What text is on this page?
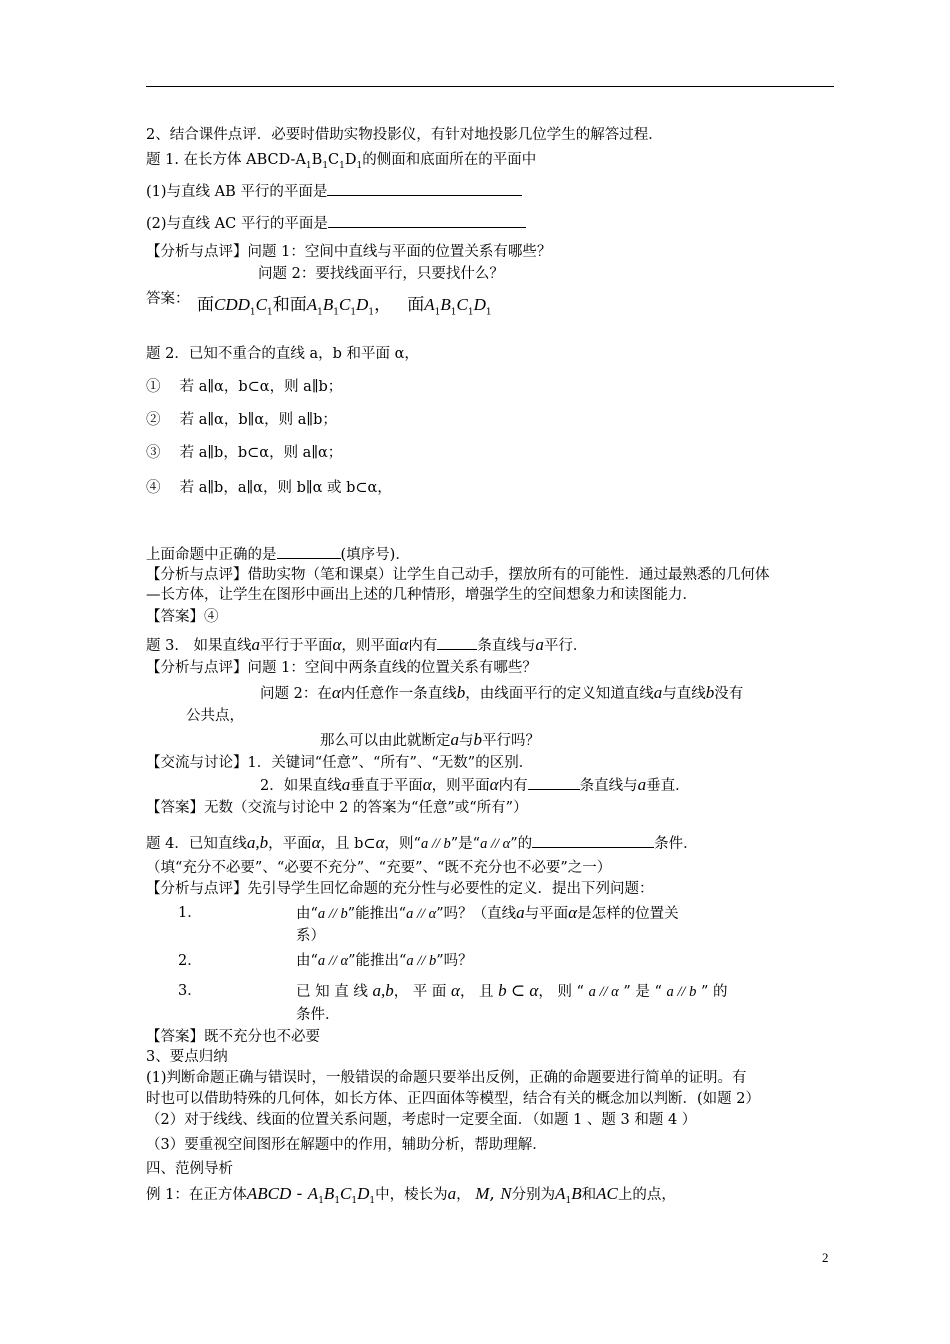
2、结合课件点评．必要时借助实物投影仪，有针对地投影几位学生的解答过程．
题 1. 在长方体 ABCD-$A_1B_1C_1D_1$的侧面和底面所在的平面中
(1)与直线 AB 平行的平面是
(2)与直线 AC 平行的平面是
【分析与点评】问题 1：空间中直线与平面的位置关系有哪些？
问题 2：要找线面平行，只要找什么？
答案： 面$CDD_1C_1$和面$A_1B_1C_1D_1$， 面$A_1B_1C_1D_1$
题 2．已知不重合的直线 a，b 和平面 α，
①　 若 a∥α，b⊂α，则 a∥b；
②　 若 a∥α，b∥α，则 a∥b；
③　 若 a∥b，b⊂α，则 a∥α；
④　 若 a∥b，a∥α，则 b∥α 或 b⊂α，
上面命题中正确的是	(填序号)．
【分析与点评】借助实物（笔和课桌）让学生自己动手，摆放所有的可能性．通过最熟悉的几何体
—长方体，让学生在图形中画出上述的几种情形，增强学生的空间想象力和读图能力．
【答案】④
题 3.　如果直线a平行于平面α，则平面α内有	条直线与a平行．
【分析与点评】问题 1：空间中两条直线的位置关系有哪些？
问题 2：在α内任意作一条直线b，由线面平行的定义知道直线a与直线b没有
公共点，
那么可以由此就断定a与b平行吗？
【交流与讨论】1．关键词“任意”、“所有”、“无数”的区别．
2．如果直线a垂直于平面α，则平面α内有	条直线与a垂直．
【答案】无数（交流与讨论中 2 的答案为“任意”或“所有”）
题 4．已知直线a,b，平面α，且 b⊂α，则“a // b”是“a // α”的	条件．
（填“充分不必要”、“必要不充分”、“充要”、“既不充分也不必要”之一）
【分析与点评】先引导学生回忆命题的充分性与必要性的定义．提出下列问题：
1．	由“a // b”能推出“a // α”吗？（直线a与平面α是怎样的位置关
系）
2．	由“a // α”能推出“a // b”吗？
3．	已 知 直 线 a,b， 平 面 α， 且 b ⊂ α， 则 “ a // α ” 是 “ a // b ” 的
条件．
【答案】既不充分也不必要
3、要点归纳
(1)判断命题正确与错误时，一般错误的命题只要举出反例，正确的命题要进行简单的证明。有
时也可以借助特殊的几何体，如长方体、正四面体等模型，结合有关的概念加以判断．(如题 2）
（2）对于线线、线面的位置关系问题，考虑时一定要全面．（如题 1 、题 3 和题 4 ）
（3）要重视空间图形在解题中的作用，辅助分析，帮助理解．
四、范例导析
例 1：在正方体ABCD - $A_1B_1C_1D_1$中，棱长为a， M, N分别为$A_1B$和AC上的点，
2
